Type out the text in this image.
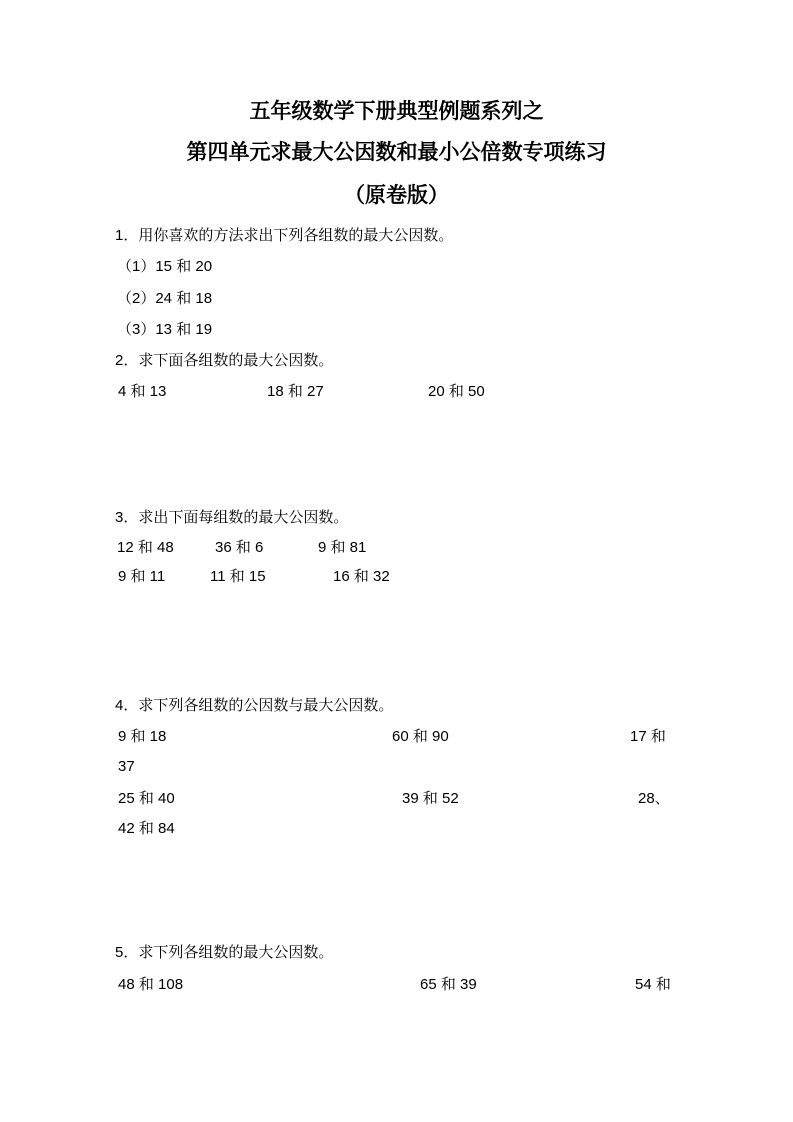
五年级数学下册典型例题系列之
第四单元求最大公因数和最小公倍数专项练习
（原卷版）
1．用你喜欢的方法求出下列各组数的最大公因数。
（1）15 和 20
（2）24 和 18
（3）13 和 19
2．求下面各组数的最大公因数。
4 和 13	18 和 27	20 和 50
3．求出下面每组数的最大公因数。
12 和 48	36 和 6	9 和 81
9 和 11	11 和 15	16 和 32
4．求下列各组数的公因数与最大公因数。
9 和 18	60 和 90	17 和
37
25 和 40	39 和 52	28、
42 和 84
5．求下列各组数的最大公因数。
48 和 108	65 和 39	54 和
